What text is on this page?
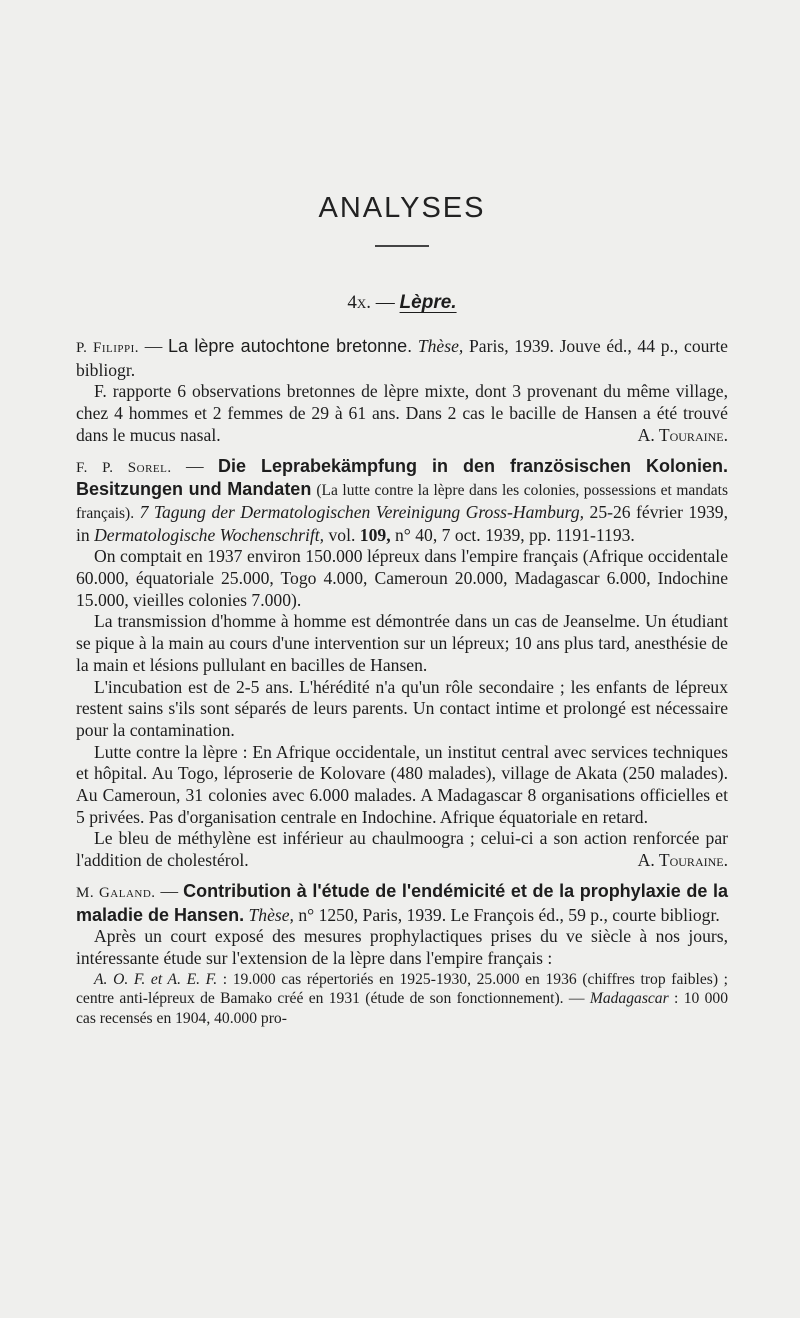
ANALYSES
4x. — Lèpre.

P. Filippi. — La lèpre autochtone bretonne. Thèse, Paris, 1939. Jouve éd., 44 p., courte bibliogr.

F. rapporte 6 observations bretonnes de lèpre mixte, dont 3 provenant du même village, chez 4 hommes et 2 femmes de 29 à 61 ans. Dans 2 cas le bacille de Hansen a été trouvé dans le mucus nasal.	A. Touraine.

F. P. Sorel. — Die Leprabekämpfung in den französischen Kolonien. Besitzungen und Mandaten (La lutte contre la lèpre dans les colonies, possessions et mandats français). 7 Tagung der Dermatologischen Vereinigung Gross-Hamburg, 25-26 février 1939, in Dermatologische Wochenschrift, vol. 109, n° 40, 7 oct. 1939, pp. 1191-1193.

On comptait en 1937 environ 150.000 lépreux dans l'empire français (Afrique occidentale 60.000, équatoriale 25.000, Togo 4.000, Cameroun 20.000, Madagascar 6.000, Indochine 15.000, vieilles colonies 7.000).

La transmission d'homme à homme est démontrée dans un cas de Jeanselme. Un étudiant se pique à la main au cours d'une intervention sur un lépreux; 10 ans plus tard, anesthésie de la main et lésions pullulant en bacilles de Hansen.

L'incubation est de 2-5 ans. L'hérédité n'a qu'un rôle secondaire ; les enfants de lépreux restent sains s'ils sont séparés de leurs parents. Un contact intime et prolongé est nécessaire pour la contamination.

Lutte contre la lèpre : En Afrique occidentale, un institut central avec services techniques et hôpital. Au Togo, léproserie de Kolovare (480 malades), village de Akata (250 malades). Au Cameroun, 31 colonies avec 6.000 malades. A Madagascar 8 organisations officielles et 5 privées. Pas d'organisation centrale en Indochine. Afrique équatoriale en retard.

Le bleu de méthylène est inférieur au chaulmoogra ; celui-ci a son action renforcée par l'addition de cholestérol.	A. Touraine.

M. Galand. — Contribution à l'étude de l'endémicité et de la prophylaxie de la maladie de Hansen. Thèse, n° 1250, Paris, 1939. Le François éd., 59 p., courte bibliogr.

Après un court exposé des mesures prophylactiques prises du ve siècle à nos jours, intéressante étude sur l'extension de la lèpre dans l'empire français :

A. O. F. et A. E. F. : 19.000 cas répertoriés en 1925-1930, 25.000 en 1936 (chiffres trop faibles) ; centre anti-lépreux de Bamako créé en 1931 (étude de son fonctionnement). — Madagascar : 10 000 cas recensés en 1904, 40.000 pro-
